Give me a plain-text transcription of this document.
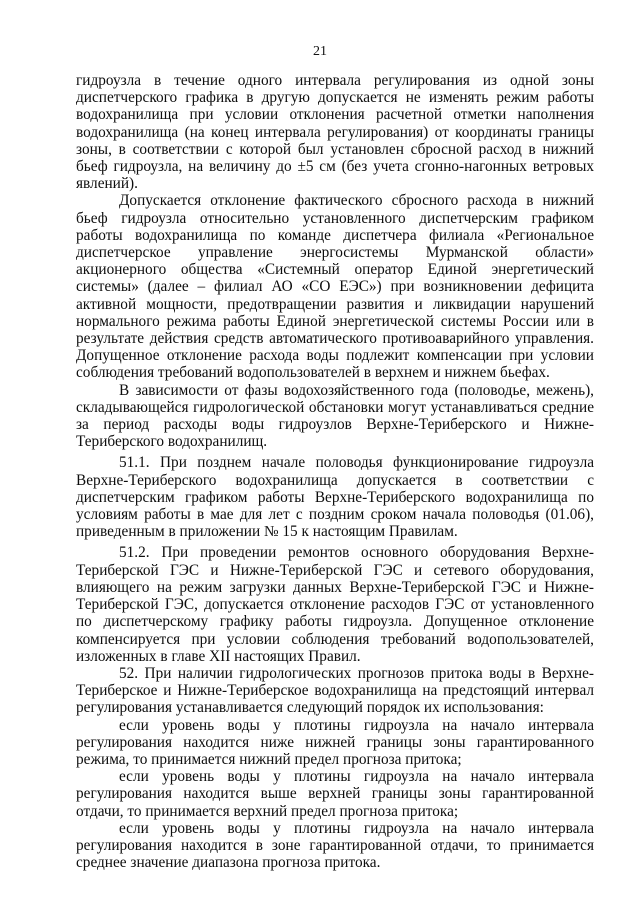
21

гидроузла в течение одного интервала регулирования из одной зоны диспетчерского графика в другую допускается не изменять режим работы водохранилища при условии отклонения расчетной отметки наполнения водохранилища (на конец интервала регулирования) от координаты границы зоны, в соответствии с которой был установлен сбросной расход в нижний бьеф гидроузла, на величину до ±5 см (без учета сгонно-нагонных ветровых явлений).

Допускается отклонение фактического сбросного расхода в нижний бьеф гидроузла относительно установленного диспетчерским графиком работы водохранилища по команде диспетчера филиала «Региональное диспетчерское управление энергосистемы Мурманской области» акционерного общества «Системный оператор Единой энергетический системы» (далее – филиал АО «СО ЕЭС») при возникновении дефицита активной мощности, предотвращении развития и ликвидации нарушений нормального режима работы Единой энергетической системы России или в результате действия средств автоматического противоаварийного управления. Допущенное отклонение расхода воды подлежит компенсации при условии соблюдения требований водопользователей в верхнем и нижнем бьефах.

В зависимости от фазы водохозяйственного года (половодье, межень), складывающейся гидрологической обстановки могут устанавливаться средние за период расходы воды гидроузлов Верхне-Териберского и Нижне-Териберского водохранилищ.

51.1. При позднем начале половодья функционирование гидроузла Верхне-Териберского водохранилища допускается в соответствии с диспетчерским графиком работы Верхне-Териберского водохранилища по условиям работы в мае для лет с поздним сроком начала половодья (01.06), приведенным в приложении № 15 к настоящим Правилам.

51.2. При проведении ремонтов основного оборудования Верхне-Териберской ГЭС и Нижне-Териберской ГЭС и сетевого оборудования, влияющего на режим загрузки данных Верхне-Териберской ГЭС и Нижне-Териберской ГЭС, допускается отклонение расходов ГЭС от установленного по диспетчерскому графику работы гидроузла. Допущенное отклонение компенсируется при условии соблюдения требований водопользователей, изложенных в главе XII настоящих Правил.

52. При наличии гидрологических прогнозов притока воды в Верхне-Териберское и Нижне-Териберское водохранилища на предстоящий интервал регулирования устанавливается следующий порядок их использования:

если уровень воды у плотины гидроузла на начало интервала регулирования находится ниже нижней границы зоны гарантированного режима, то принимается нижний предел прогноза притока;

если уровень воды у плотины гидроузла на начало интервала регулирования находится выше верхней границы зоны гарантированной отдачи, то принимается верхний предел прогноза притока;

если уровень воды у плотины гидроузла на начало интервала регулирования находится в зоне гарантированной отдачи, то принимается среднее значение диапазона прогноза притока.
